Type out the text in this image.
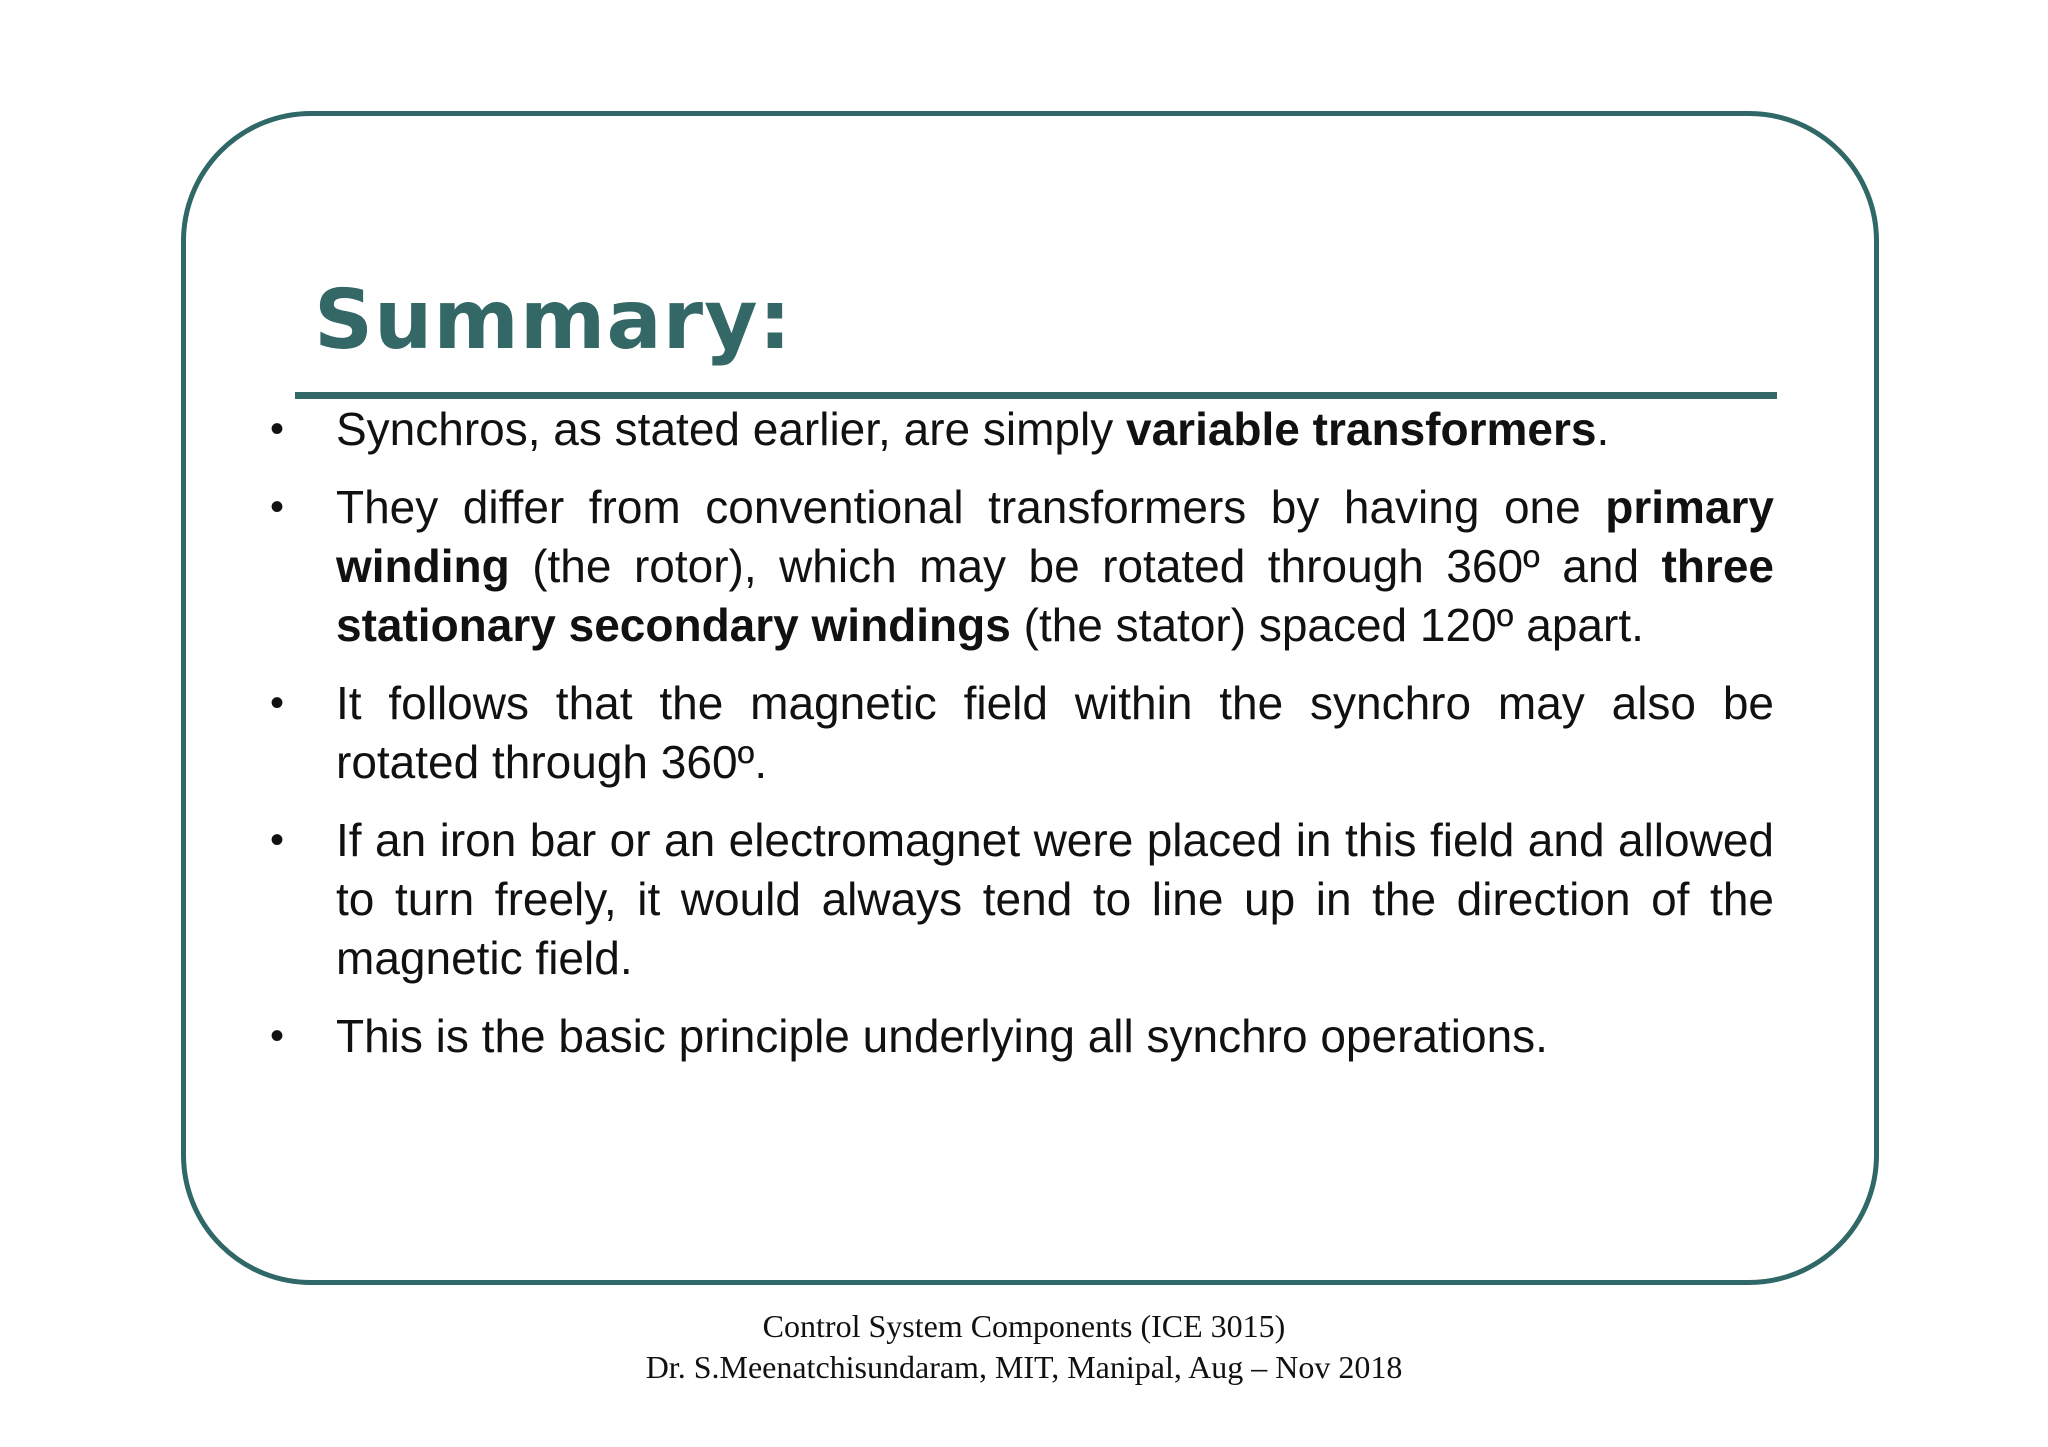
Summary:
• Synchros, as stated earlier, are simply variable transformers.
• They differ from conventional transformers by having one primary winding (the rotor), which may be rotated through 360º and three stationary secondary windings (the stator) spaced 120º apart.
• It follows that the magnetic field within the synchro may also be rotated through 360º.
• If an iron bar or an electromagnet were placed in this field and allowed to turn freely, it would always tend to line up in the direction of the magnetic field.
• This is the basic principle underlying all synchro operations.
Control System Components (ICE 3015)
Dr. S.Meenatchisundaram, MIT, Manipal, Aug – Nov 2018
